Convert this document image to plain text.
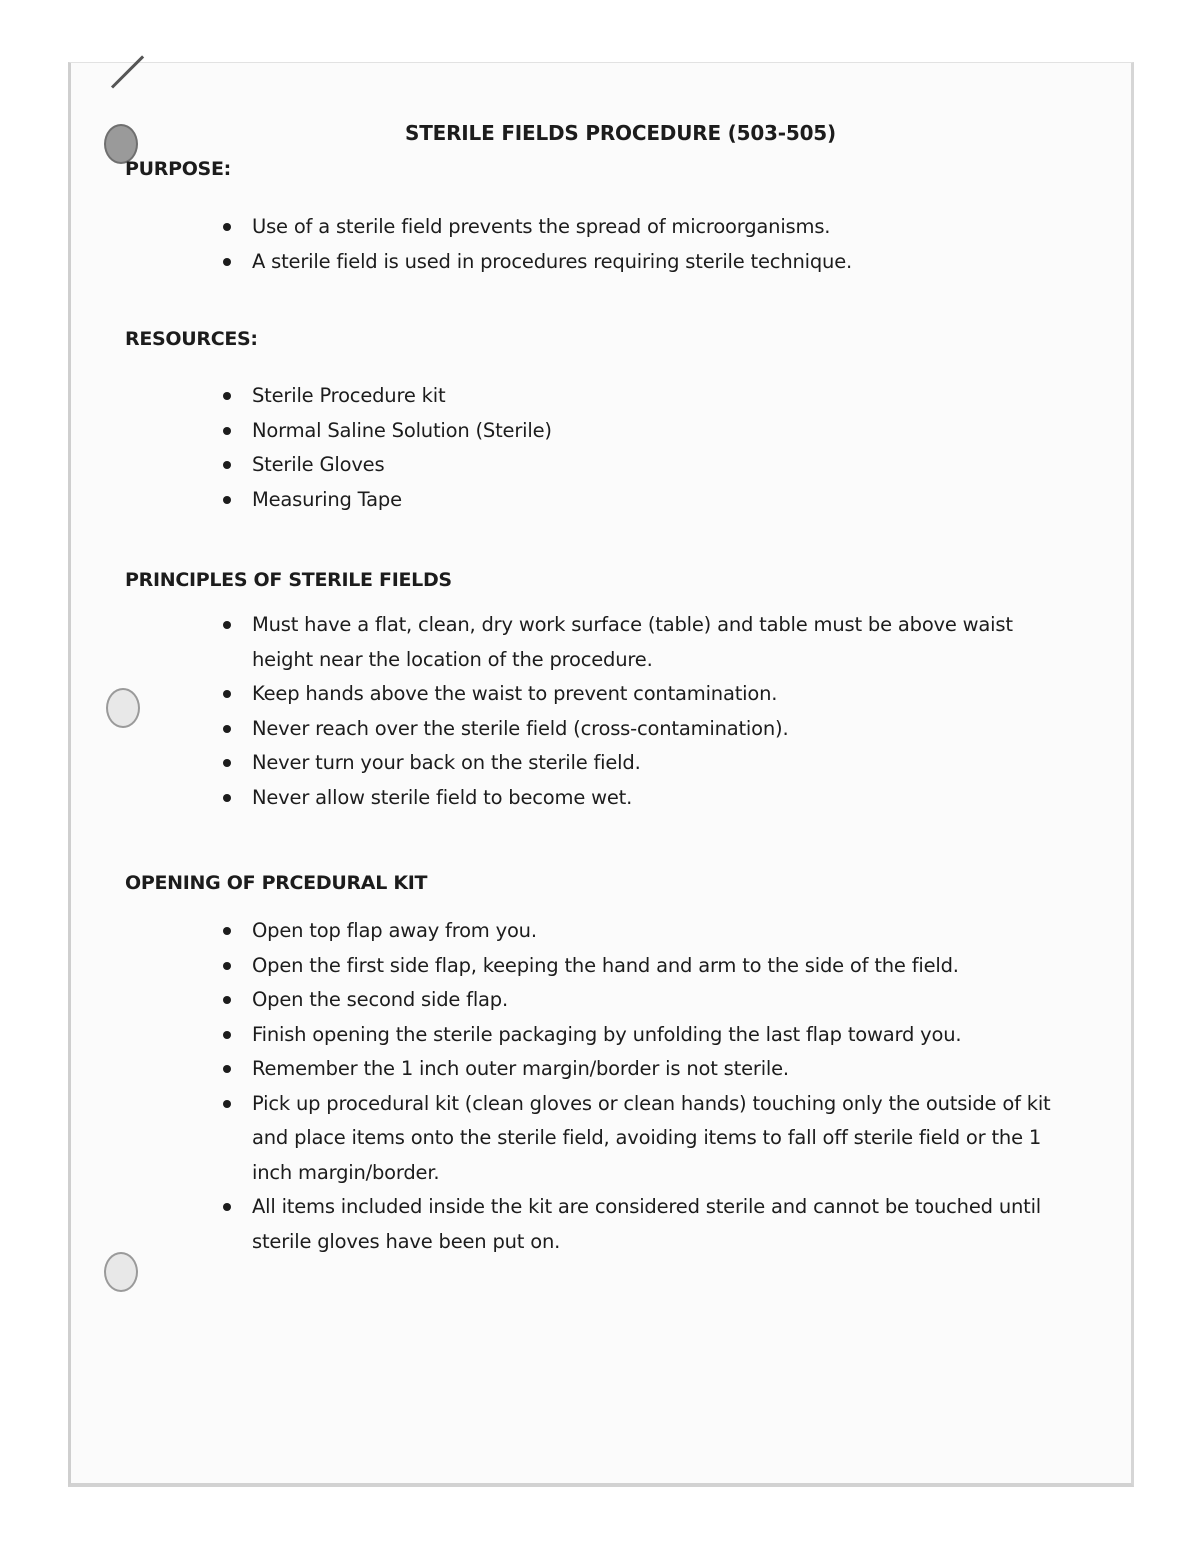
STERILE FIELDS PROCEDURE (503-505)
PURPOSE:
Use of a sterile field prevents the spread of microorganisms.
A sterile field is used in procedures requiring sterile technique.
RESOURCES:
Sterile Procedure kit
Normal Saline Solution (Sterile)
Sterile Gloves
Measuring Tape
PRINCIPLES OF STERILE FIELDS
Must have a flat, clean, dry work surface (table) and table must be above waist height near the location of the procedure.
Keep hands above the waist to prevent contamination.
Never reach over the sterile field (cross-contamination).
Never turn your back on the sterile field.
Never allow sterile field to become wet.
OPENING OF PRCEDURAL KIT
Open top flap away from you.
Open the first side flap, keeping the hand and arm to the side of the field.
Open the second side flap.
Finish opening the sterile packaging by unfolding the last flap toward you.
Remember the 1 inch outer margin/border is not sterile.
Pick up procedural kit (clean gloves or clean hands) touching only the outside of kit and place items onto the sterile field, avoiding items to fall off sterile field or the 1 inch margin/border.
All items included inside the kit are considered sterile and cannot be touched until sterile gloves have been put on.
